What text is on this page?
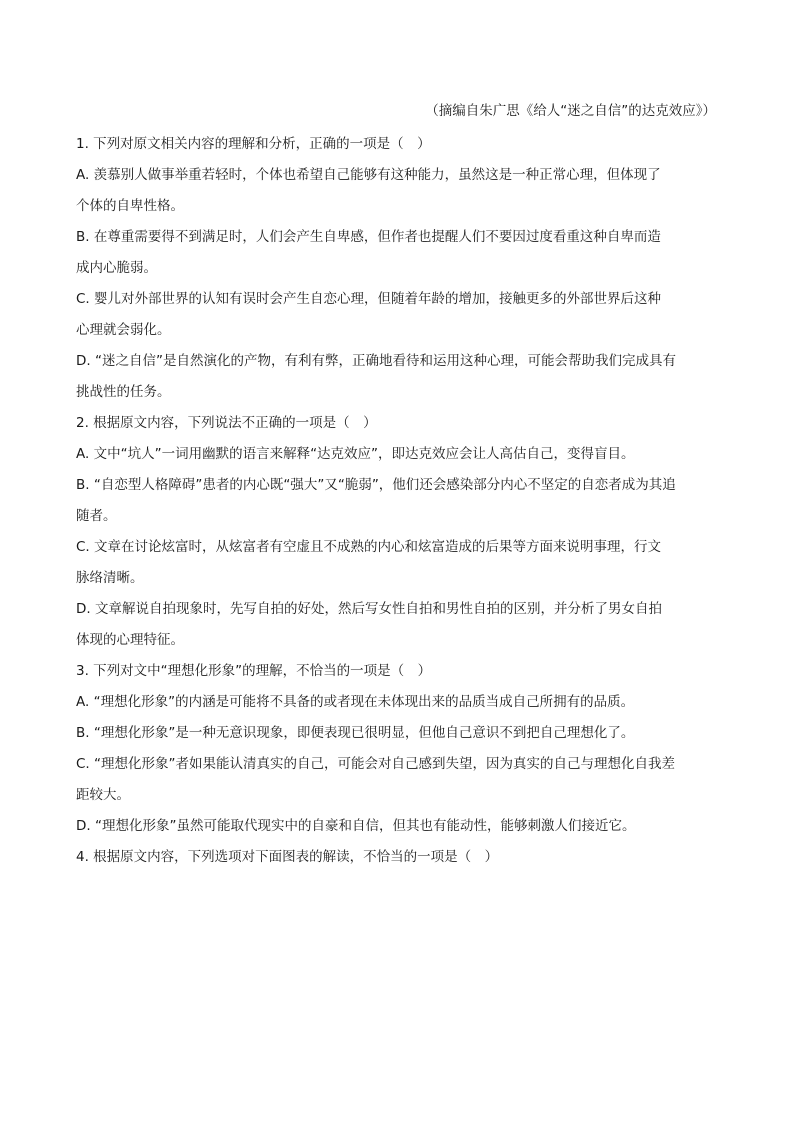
（摘编自朱广思《给人“迷之自信”的达克效应》）
1. 下列对原文相关内容的理解和分析，正确的一项是（　）
A. 羡慕别人做事举重若轻时，个体也希望自己能够有这种能力，虽然这是一种正常心理，但体现了
个体的自卑性格。
B. 在尊重需要得不到满足时，人们会产生自卑感，但作者也提醒人们不要因过度看重这种自卑而造
成内心脆弱。
C. 婴儿对外部世界的认知有误时会产生自恋心理，但随着年龄的增加，接触更多的外部世界后这种
心理就会弱化。
D. “迷之自信”是自然演化的产物，有利有弊，正确地看待和运用这种心理，可能会帮助我们完成具有
挑战性的任务。
2. 根据原文内容，下列说法不正确的一项是（　）
A. 文中“坑人”一词用幽默的语言来解释“达克效应”，即达克效应会让人高估自己，变得盲目。
B. “自恋型人格障碍”患者的内心既“强大”又“脆弱”，他们还会感染部分内心不坚定的自恋者成为其追
随者。
C. 文章在讨论炫富时，从炫富者有空虚且不成熟的内心和炫富造成的后果等方面来说明事理，行文
脉络清晰。
D. 文章解说自拍现象时，先写自拍的好处，然后写女性自拍和男性自拍的区别，并分析了男女自拍
体现的心理特征。
3. 下列对文中“理想化形象”的理解，不恰当的一项是（　）
A. “理想化形象”的内涵是可能将不具备的或者现在未体现出来的品质当成自己所拥有的品质。
B. “理想化形象”是一种无意识现象，即便表现已很明显，但他自己意识不到把自己理想化了。
C. “理想化形象”者如果能认清真实的自己，可能会对自己感到失望，因为真实的自己与理想化自我差
距较大。
D. “理想化形象”虽然可能取代现实中的自豪和自信，但其也有能动性，能够刺激人们接近它。
4. 根据原文内容，下列选项对下面图表的解读，不恰当的一项是（　）
